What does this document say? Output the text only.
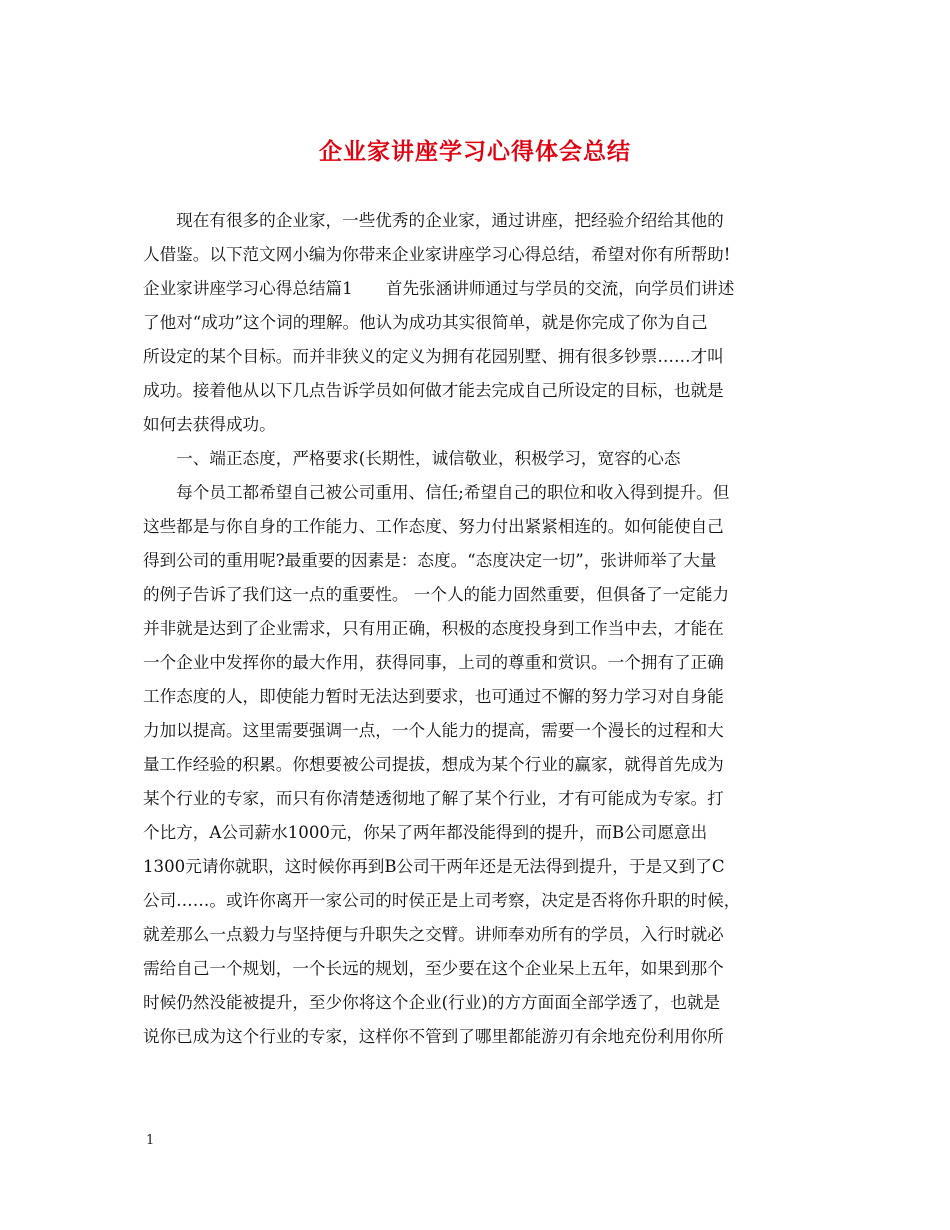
企业家讲座学习心得体会总结
　　现在有很多的企业家，一些优秀的企业家，通过讲座，把经验介绍给其他的
人借鉴。以下范文网小编为你带来企业家讲座学习心得总结，希望对你有所帮助!
企业家讲座学习心得总结篇1　　首先张涵讲师通过与学员的交流，向学员们讲述
了他对“成功”这个词的理解。他认为成功其实很简单，就是你完成了你为自己
所设定的某个目标。而并非狭义的定义为拥有花园别墅、拥有很多钞票……才叫
成功。接着他从以下几点告诉学员如何做才能去完成自己所设定的目标，也就是
如何去获得成功。
　　一、端正态度，严格要求(长期性，诚信敬业，积极学习，宽容的心态
　　每个员工都希望自己被公司重用、信任;希望自己的职位和收入得到提升。但
这些都是与你自身的工作能力、工作态度、努力付出紧紧相连的。如何能使自己
得到公司的重用呢?最重要的因素是：态度。“态度决定一切”，张讲师举了大量
的例子告诉了我们这一点的重要性。 一个人的能力固然重要，但俱备了一定能力
并非就是达到了企业需求，只有用正确，积极的态度投身到工作当中去，才能在
一个企业中发挥你的最大作用，获得同事，上司的尊重和赏识。一个拥有了正确
工作态度的人，即使能力暂时无法达到要求，也可通过不懈的努力学习对自身能
力加以提高。这里需要强调一点，一个人能力的提高，需要一个漫长的过程和大
量工作经验的积累。你想要被公司提拔，想成为某个行业的赢家，就得首先成为
某个行业的专家，而只有你清楚透彻地了解了某个行业，才有可能成为专家。打
个比方，A公司薪水1000元，你呆了两年都没能得到的提升，而B公司愿意出
1300元请你就职，这时候你再到B公司干两年还是无法得到提升，于是又到了C
公司……。或许你离开一家公司的时侯正是上司考察，决定是否将你升职的时候，
就差那么一点毅力与坚持便与升职失之交臂。讲师奉劝所有的学员，入行时就必
需给自己一个规划，一个长远的规划，至少要在这个企业呆上五年，如果到那个
时候仍然没能被提升，至少你将这个企业(行业)的方方面面全部学透了，也就是
说你已成为这个行业的专家，这样你不管到了哪里都能游刃有余地充份利用你所
1
